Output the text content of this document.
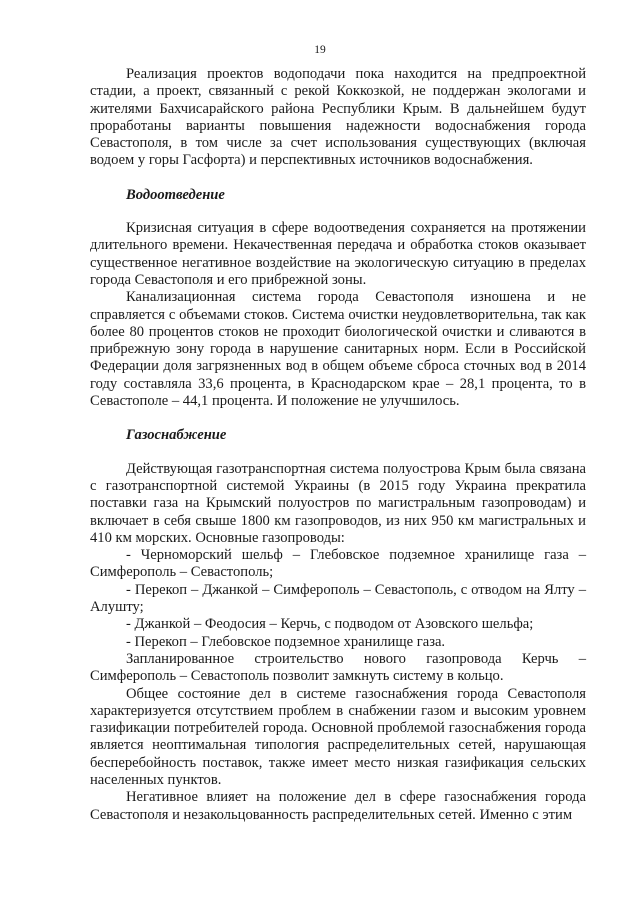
19

Реализация проектов водоподачи пока находится на предпроектной стадии, а проект, связанный с рекой Коккозкой, не поддержан экологами и жителями Бахчисарайского района Республики Крым. В дальнейшем будут проработаны варианты повышения надежности водоснабжения города Севастополя, в том числе за счет использования существующих (включая водоем у горы Гасфорта) и перспективных источников водоснабжения.

Водоотведение

Кризисная ситуация в сфере водоотведения сохраняется на протяжении длительного времени. Некачественная передача и обработка стоков оказывает существенное негативное воздействие на экологическую ситуацию в пределах города Севастополя и его прибрежной зоны.

Канализационная система города Севастополя изношена и не справляется с объемами стоков. Система очистки неудовлетворительна, так как более 80 процентов стоков не проходит биологической очистки и сливаются в прибрежную зону города в нарушение санитарных норм. Если в Российской Федерации доля загрязненных вод в общем объеме сброса сточных вод в 2014 году составляла 33,6 процента, в Краснодарском крае – 28,1 процента, то в Севастополе – 44,1 процента. И положение не улучшилось.

Газоснабжение

Действующая газотранспортная система полуострова Крым была связана с газотранспортной системой Украины (в 2015 году Украина прекратила поставки газа на Крымский полуостров по магистральным газопроводам) и включает в себя свыше 1800 км газопроводов, из них 950 км магистральных и 410 км морских. Основные газопроводы:

- Черноморский шельф – Глебовское подземное хранилище газа – Симферополь – Севастополь;

- Перекоп – Джанкой – Симферополь – Севастополь, с отводом на Ялту – Алушту;

- Джанкой – Феодосия – Керчь, с подводом от Азовского шельфа;

- Перекоп – Глебовское подземное хранилище газа.

Запланированное строительство нового газопровода Керчь – Симферополь – Севастополь позволит замкнуть систему в кольцо.

Общее состояние дел в системе газоснабжения города Севастополя характеризуется отсутствием проблем в снабжении газом и высоким уровнем газификации потребителей города. Основной проблемой газоснабжения города является неоптимальная типология распределительных сетей, нарушающая бесперебойность поставок, также имеет место низкая газификация сельских населенных пунктов.

Негативное влияет на положение дел в сфере газоснабжения города Севастополя и незакольцованность распределительных сетей. Именно с этим
